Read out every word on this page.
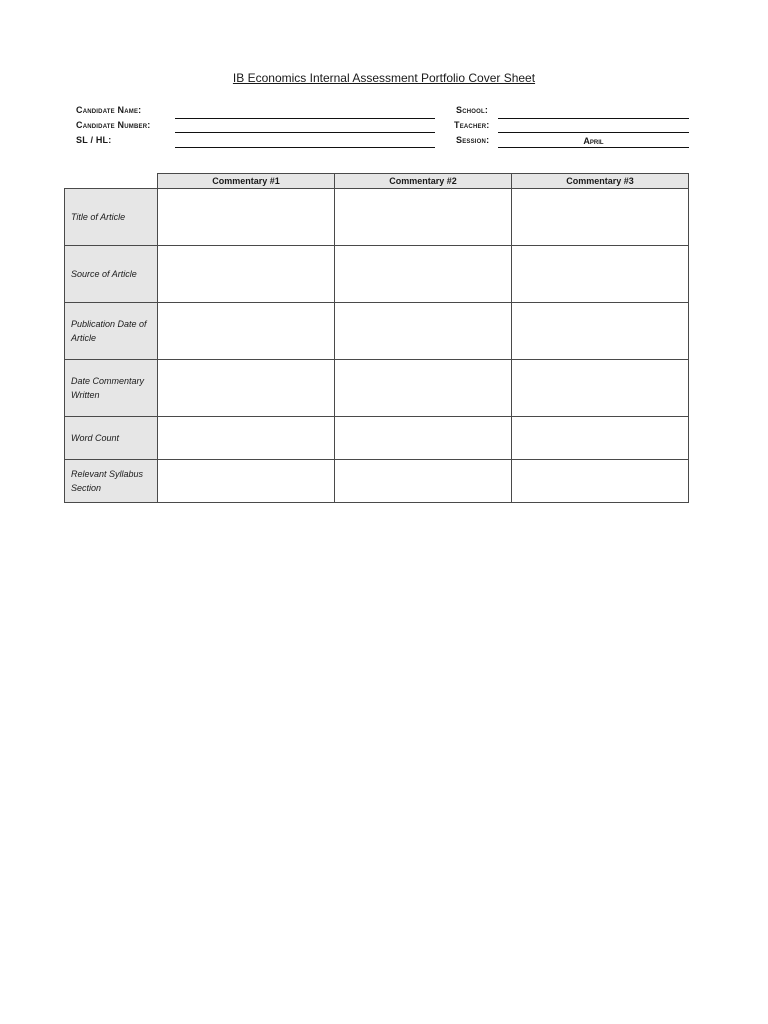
IB Economics Internal Assessment Portfolio Cover Sheet
Candidate Name:
Candidate Number:
SL / HL:
School:
Teacher:
Session:	April
	Commentary #1	Commentary #2	Commentary #3
Title of Article			
Source of Article			
Publication Date of Article			
Date Commentary Written			
Word Count			
Relevant Syllabus Section			
